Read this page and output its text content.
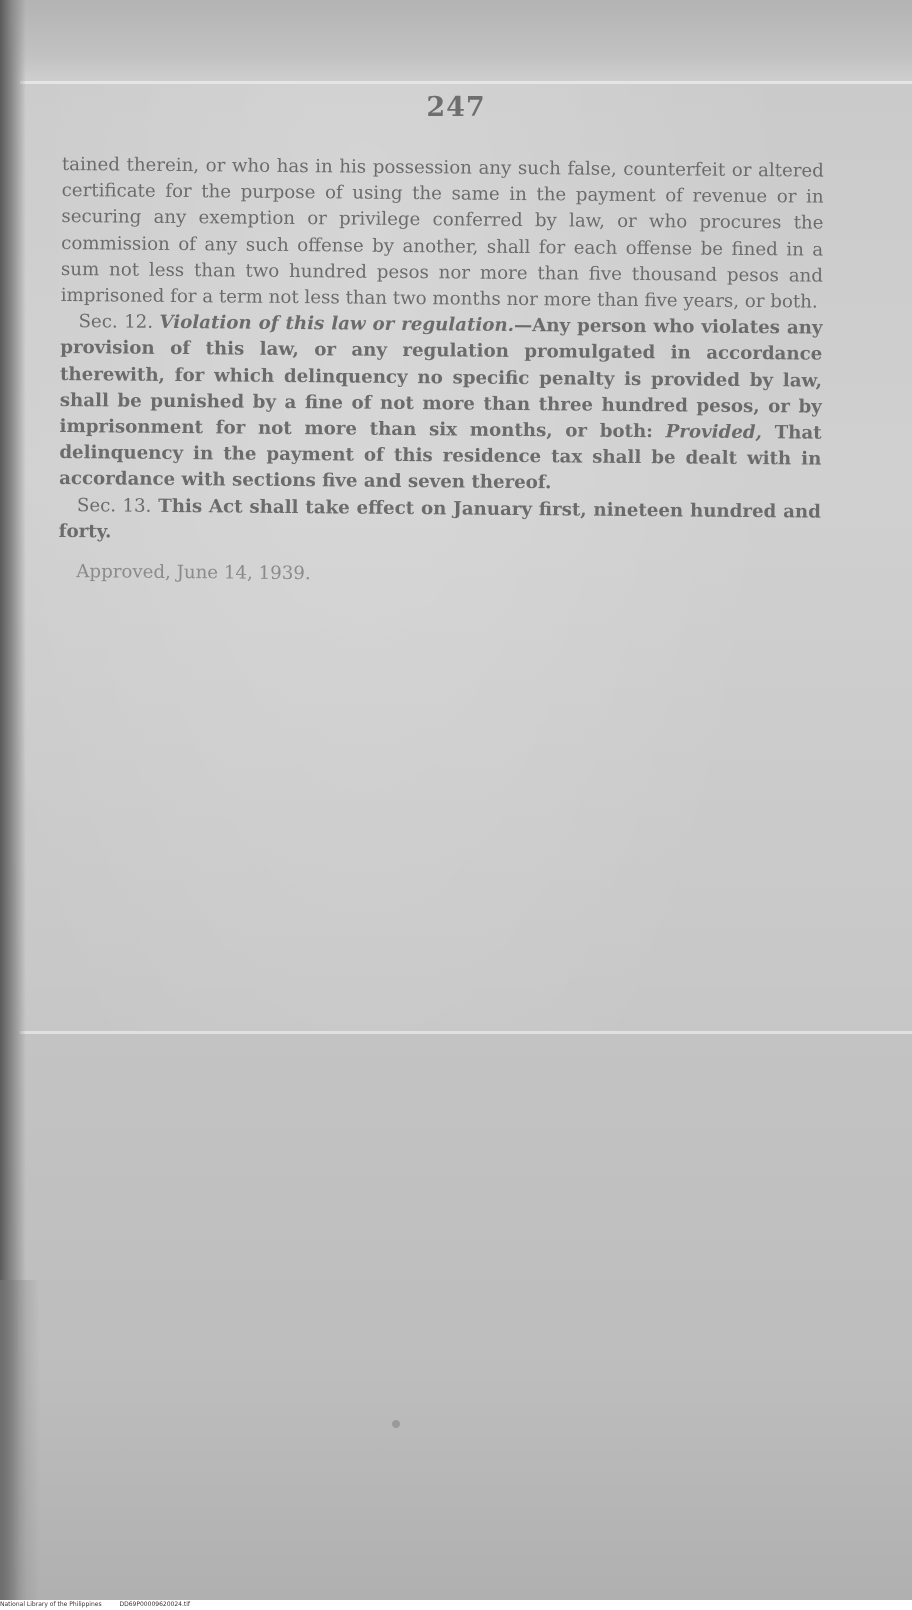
247

tained therein, or who has in his possession any such false, counterfeit or altered certificate for the purpose of using the same in the payment of revenue or in securing any exemption or privilege conferred by law, or who procures the commission of any such offense by another, shall for each offense be fined in a sum not less than two hundred pesos nor more than five thousand pesos and imprisoned for a term not less than two months nor more than five years, or both.

Sec. 12. Violation of this law or regulation.—Any person who violates any provision of this law, or any regulation promulgated in accordance therewith, for which delinquency no specific penalty is provided by law, shall be punished by a fine of not more than three hundred pesos, or by imprisonment for not more than six months, or both: Provided, That delinquency in the payment of this residence tax shall be dealt with in accordance with sections five and seven thereof.

Sec. 13. This Act shall take effect on January first, nineteen hundred and forty.

Approved, June 14, 1939.

National Library of the Philippines	DD69P00009620024.tif
